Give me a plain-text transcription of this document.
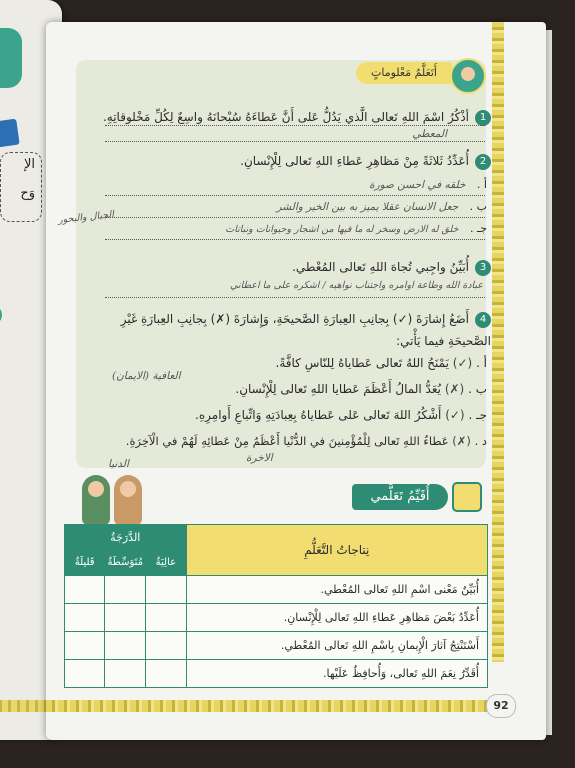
الإ
وَح
أَتَعَلَّمُ مَعْلوماتٍ
1أذْكُرُ اسْمَ اللهِ تَعالى الَّذي يَدُلُّ عَلى أَنَّ عَطاءَهُ سُبْحانَهُ واسِعٌ لِكُلِّ مَخْلوقاتِهِ.
المعطي
2أُعَدِّدُ ثَلاثَةً مِنْ مَظاهِرِ عَطاءِ اللهِ تَعالى لِلْإِنْسانِ.
أ . خلقه في احسن صورة
ب . جعل الانسان عقلا يميز به بين الخير والشر
جـ . خلق له الارض وسخر له ما فيها من اشجار وحيوانات ونباتات
الجبال والبحور
3أُبَيِّنُ واجِبي تُجاهَ اللهِ تَعالى المُعْطي.
عبادة الله وطاعة اوامره واجتناب نواهيه / اشكره على ما اعطاني
4أَضَعُ إِشارَةَ (✓) بِجانِبِ العِبارَةِ الصَّحيحَةِ، وَإِشارَةَ (✗) بِجانِبِ العِبارَةِ غَيْرِ
الصَّحيحَةِ فيما يَأْتي:
أ . (✓) يَمْنَحُ اللهُ تَعالى عَطاياهُ لِلنّاسِ كافَّةً.
العافية (الايمان)
ب . (✗) يُعَدُّ المالُ أَعْظَمَ عَطايا اللهِ تَعالى لِلْإِنْسانِ.
جـ . (✓) أَشْكُرُ اللهَ تَعالى عَلى عَطاياهُ بِعِبادَتِهِ وَاتِّباعِ أَوامِرِهِ.
د . (✗) عَطاءُ اللهِ تَعالى لِلْمُؤْمِنينَ في الدُّنْيا أَعْظَمُ مِنْ عَطائِهِ لَهُمْ في الْآخِرَةِ.
الاخرة
الدنيا
أُقَيِّمُ تَعَلُّمي
نِتاجاتُ التَّعَلُّمِ	الدَّرَجَةُ		
	عالِيَةٌ	مُتَوَسِّطَةٌ	قَليلَةٌ
أُبَيِّنُ مَعْنى اسْمِ اللهِ تَعالى المُعْطي.			
أُعَدِّدُ بَعْضَ مَظاهِرِ عَطاءِ اللهِ تَعالى لِلْإِنْسانِ.			
أَسْتَنْتِجُ آثارَ الْإِيمانِ بِاسْمِ اللهِ تَعالى المُعْطي.			
أُقَدِّرُ نِعَمَ اللهِ تَعالى، وَأُحافِظُ عَلَيْها.			
92
